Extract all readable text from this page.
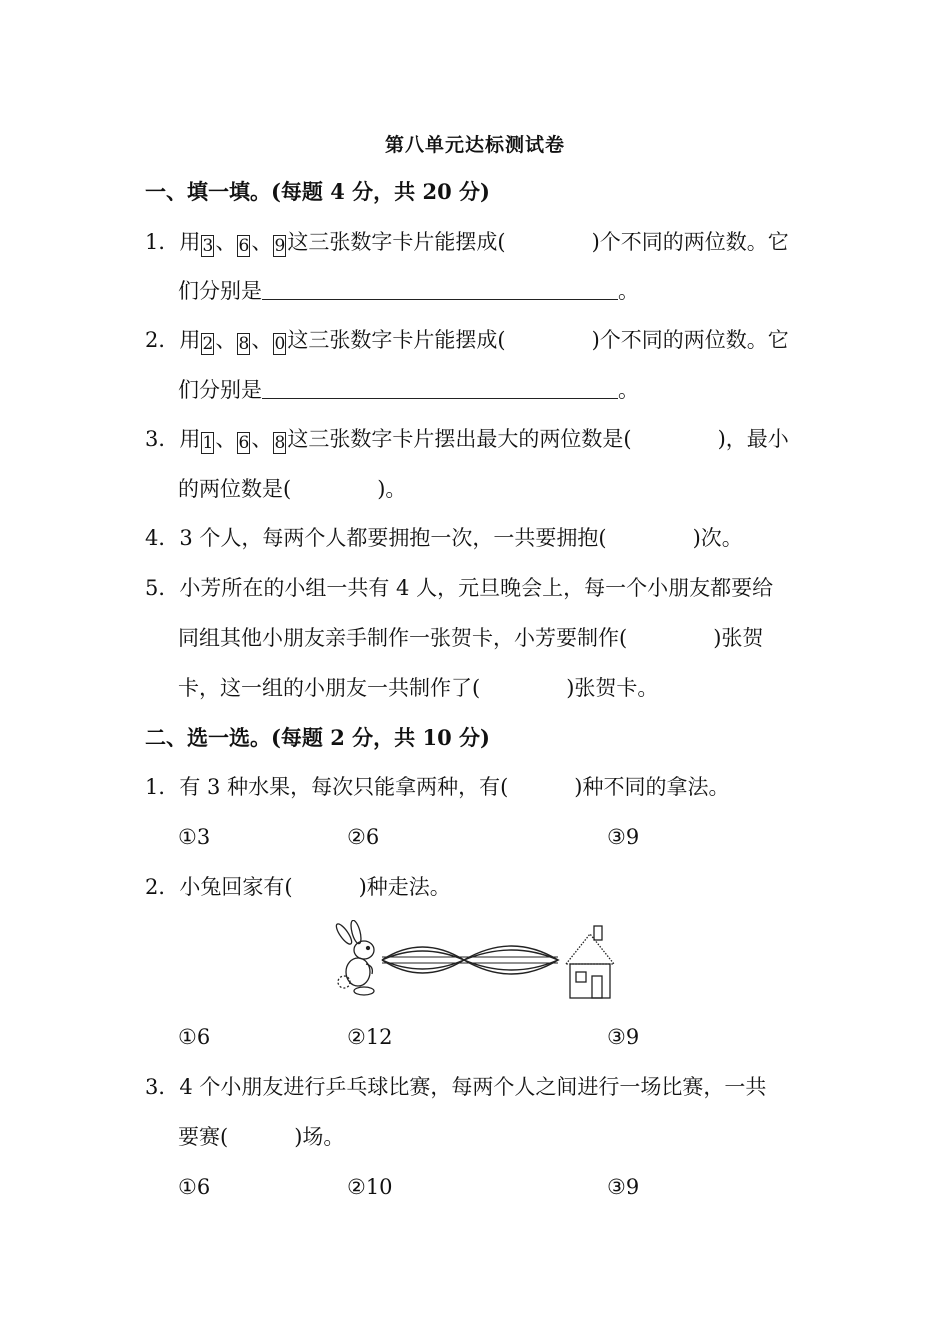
第八单元达标测试卷
一、填一填。(每题 4 分，共 20 分)
1．用 3、 6、 9这三张数字卡片能摆成(	)个不同的两位数。它
们分别是	。
2．用 2、 8、 0这三张数字卡片能摆成(	)个不同的两位数。它
们分别是	。
3．用 1、 6、 8这三张数字卡片摆出最大的两位数是(	)，最小
的两位数是(	)。
4．3 个人，每两个人都要拥抱一次，一共要拥抱(	)次。
5．小芳所在的小组一共有 4 人，元旦晚会上，每一个小朋友都要给
同组其他小朋友亲手制作一张贺卡，小芳要制作(	)张贺
卡，这一组的小朋友一共制作了(	)张贺卡。
二、选一选。(每题 2 分，共 10 分)
1．有 3 种水果，每次只能拿两种，有(	)种不同的拿法。
①3	②6	③9
2．小兔回家有(	)种走法。
①6	②12	③9
3．4 个小朋友进行乒乓球比赛，每两个人之间进行一场比赛，一共
要赛(	)场。
①6	②10	③9
